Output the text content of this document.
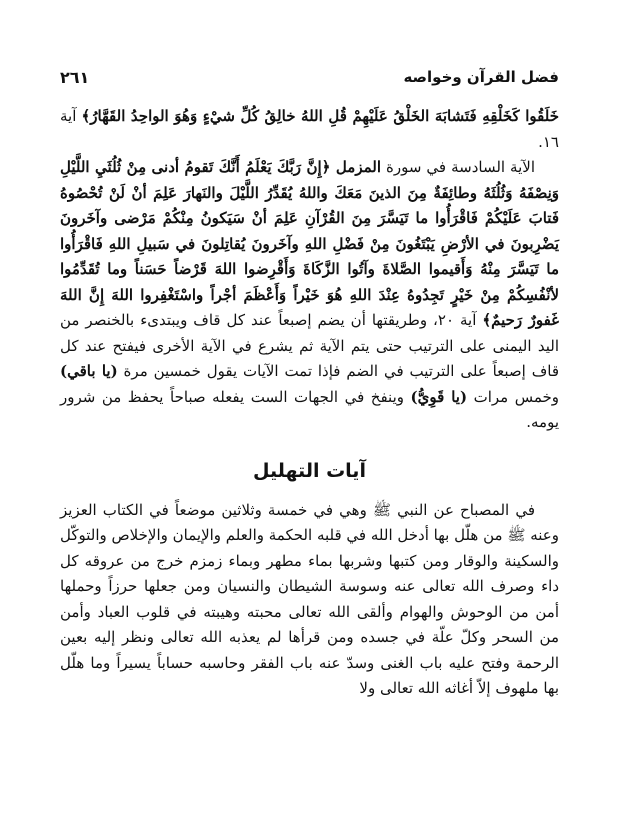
فضل القرآن وخواصه
٢٦١

خَلَقُوا كَخَلْقِهِ فَتَشابَهَ الخَلْقُ عَلَيْهِمْ قُلِ اللهُ خالِقُ كُلِّ شيْءٍ وَهُوَ الواحِدُ القَهَّارُ﴾ آية ١٦.

الآية السادسة في سورة المزمل ﴿إِنَّ رَبَّكَ يَعْلَمُ أَنَّكَ تَقومُ أدنى مِنْ ثُلُثَيِ اللَّيْلِ وَنِصْفَهُ وَثُلُثَهُ وطائِفَةٌ مِنَ الذينَ مَعَكَ واللهُ يُقَدِّرُ اللَّيْلَ والنَهارَ عَلِمَ أنْ لَنْ تُحْصُوهُ فَتابَ عَلَيْكُمْ فَاقْرَأُوا ما تَيَسَّرَ مِنَ القُرْآنِ عَلِمَ أنْ سَيَكونُ مِنْكُمْ مَرْضى وآخَرونَ يَضْرِبونَ في الأرْضِ يَبْتَغُونَ مِنْ فَضْلِ اللهِ وآخَرونَ يُقاتِلونَ في سَبيلِ اللهِ فَاقْرَأُوا ما تَيَسَّرَ مِنْهُ وَأَقيموا الصَّلاةَ وآتُوا الزَّكَاةَ وَأَقْرِضوا اللهَ قَرْضاً حَسَناً وما تُقَدِّمُوا لأنْفُسِكُمْ مِنْ خَيْرٍ تَجِدُوهُ عِنْدَ اللهِ هُوَ خَيْراً وَأَعْظَمَ أجْراً واسْتَغْفِروا اللهَ إِنَّ اللهَ غَفورٌ رَحيمٌ﴾ آية ٢٠، وطريقتها أن يضم إصبعاً عند كل قاف ويبتدىء بالخنصر من اليد اليمنى على الترتيب حتى يتم الآية ثم يشرع في الآية الأخرى فيفتح عند كل قاف إصبعاً على الترتيب في الضم فإذا تمت الآيات يقول خمسين مرة (يا باقي) وخمس مرات (يا قَوِيُّ) وينفخ في الجهات الست يفعله صباحاً يحفظ من شرور يومه.

آيات التهليل

في المصباح عن النبي ﷺ وهي في خمسة وثلاثين موضعاً في الكتاب العزيز وعنه ﷺ من هلّل بها أدخل الله في قلبه الحكمة والعلم والإيمان والإخلاص والتوكّل والسكينة والوقار ومن كتبها وشربها بماء مطهر وبماء زمزم خرج من عروقه كل داء وصرف الله تعالى عنه وسوسة الشيطان والنسيان ومن جعلها حرزاً وحملها أمن من الوحوش والهوام وألقى الله تعالى محبته وهيبته في قلوب العباد وأمن من السحر وكلّ علّة في جسده ومن قرأها لم يعذبه الله تعالى ونظر إليه بعين الرحمة وفتح عليه باب الغنى وسدّ عنه باب الفقر وحاسبه حساباً يسيراً وما هلّل بها ملهوف إلاّ أغاثه الله تعالى ولا
